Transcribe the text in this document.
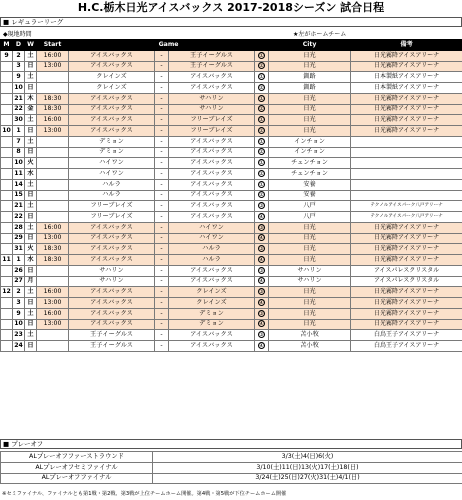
H.C.栃木日光アイスバックス 2017-2018シーズン 試合日程
■ レギュラーリーグ
◆現地時間	★左がホームチーム
M	D	W	Start	Game				City	備考
9	2	土	16:00	アイスバックス	-	王子イーグルス	①	日光	日光霧降アイスアリーナ
	3	日	13:00	アイスバックス	-	王子イーグルス	②	日光	日光霧降アイスアリーナ
	9	土		クレインズ	-	アイスバックス	①	釧路	日本製紙アイスアリーナ
	10	日		クレインズ	-	アイスバックス	②	釧路	日本製紙アイスアリーナ
	21	木	18:30	アイスバックス	-	サハリン	①	日光	日光霧降アイスアリーナ
	22	金	18:30	アイスバックス	-	サハリン	②	日光	日光霧降アイスアリーナ
	30	土	16:00	アイスバックス	-	フリーブレイズ	①	日光	日光霧降アイスアリーナ
10	1	日	13:00	アイスバックス	-	フリーブレイズ	②	日光	日光霧降アイスアリーナ
	7	土		デミョン	-	アイスバックス	①	インチョン	
	8	日		デミョン	-	アイスバックス	②	インチョン	
	10	火		ハイワン	-	アイスバックス	①	チュンチョン	
	11	水		ハイワン	-	アイスバックス	②	チュンチョン	
	14	土		ハルラ	-	アイスバックス	①	安養	
	15	日		ハルラ	-	アイスバックス	②	安養	
	21	土		フリーブレイズ	-	アイスバックス	③	八戸	テクノルアイスパーク八戸アリーナ
	22	日		フリーブレイズ	-	アイスバックス	④	八戸	テクノルアイスパーク八戸アリーナ
	28	土	16:00	アイスバックス	-	ハイワン	③	日光	日光霧降アイスアリーナ
	29	日	13:00	アイスバックス	-	ハイワン	④	日光	日光霧降アイスアリーナ
	31	火	18:30	アイスバックス	-	ハルラ	③	日光	日光霧降アイスアリーナ
11	1	水	18:30	アイスバックス	-	ハルラ	④	日光	日光霧降アイスアリーナ
	26	日		サハリン	-	アイスバックス	③	サハリン	アイスパレスクリスタル
	27	月		サハリン	-	アイスバックス	④	サハリン	アイスパレスクリスタル
12	2	土	16:00	アイスバックス	-	クレインズ	③	日光	日光霧降アイスアリーナ
	3	日	13:00	アイスバックス	-	クレインズ	④	日光	日光霧降アイスアリーナ
	9	土	16:00	アイスバックス	-	デミョン	③	日光	日光霧降アイスアリーナ
	10	日	13:00	アイスバックス	-	デミョン	④	日光	日光霧降アイスアリーナ
	23	土		王子イーグルス	-	アイスバックス	③	苫小牧	白鳥王子アイスアリーナ
	24	日		王子イーグルス	-	アイスバックス	④	苫小牧	白鳥王子アイスアリーナ
■ プレーオフ
ALプレーオフファーストラウンド	3/3(土)4(日)6(火)
ALプレーオフセミファイナル	3/10(土)11(日)13(火)17(土)18(日)
ALプレーオフファイナル	3/24(土)25(日)27(火)31(土)4/1(日)
※セミファイナル、ファイナルとも第1戦・第2戦、第3戦が上位チームホーム開催。第4戦・第5戦が下位チームホーム開催
